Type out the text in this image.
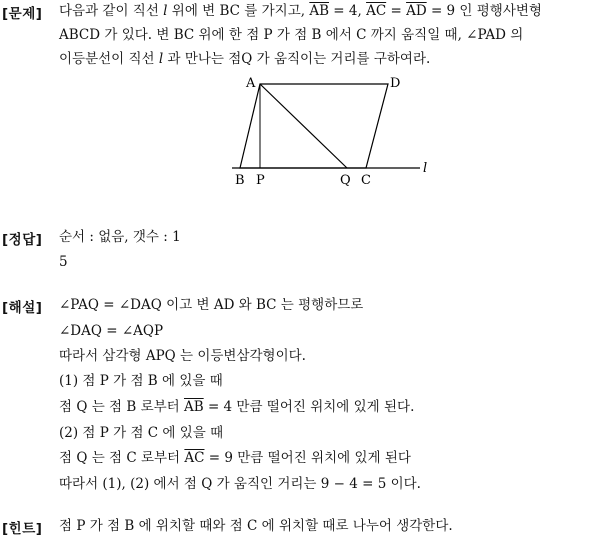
[문제] 다음과 같이 직선 l 위에 변 BC 를 가지고, $\overline{AB} = 4$, $\overline{AC} = \overline{AD} = 9$ 인 평행사변형
ABCD 가 있다. 변 BC 위에 한 점 P 가 점 B 에서 C 까지 움직일 때, ∠PAD 의
이등분선이 직선 l 과 만나는 점Q 가 움직이는 거리를 구하여라.
A	D
B P	Q C
l
[정답] 순서 : 없음, 갯수 : 1
5
[해설] ∠PAQ = ∠DAQ 이고 변 AD 와 BC 는 평행하므로
∠DAQ = ∠AQP
따라서 삼각형 APQ 는 이등변삼각형이다.
(1) 점 P 가 점 B 에 있을 때
점 Q 는 점 B 로부터 $\overline{AB} = 4$ 만큼 떨어진 위치에 있게 된다.
(2) 점 P 가 점 C 에 있을 때
점 Q 는 점 C 로부터 $\overline{AC} = 9$ 만큼 떨어진 위치에 있게 된다
따라서 (1), (2) 에서 점 Q 가 움직인 거리는 9 − 4 = 5 이다.
[힌트] 점 P 가 점 B 에 위치할 때와 점 C 에 위치할 때로 나누어 생각한다.
